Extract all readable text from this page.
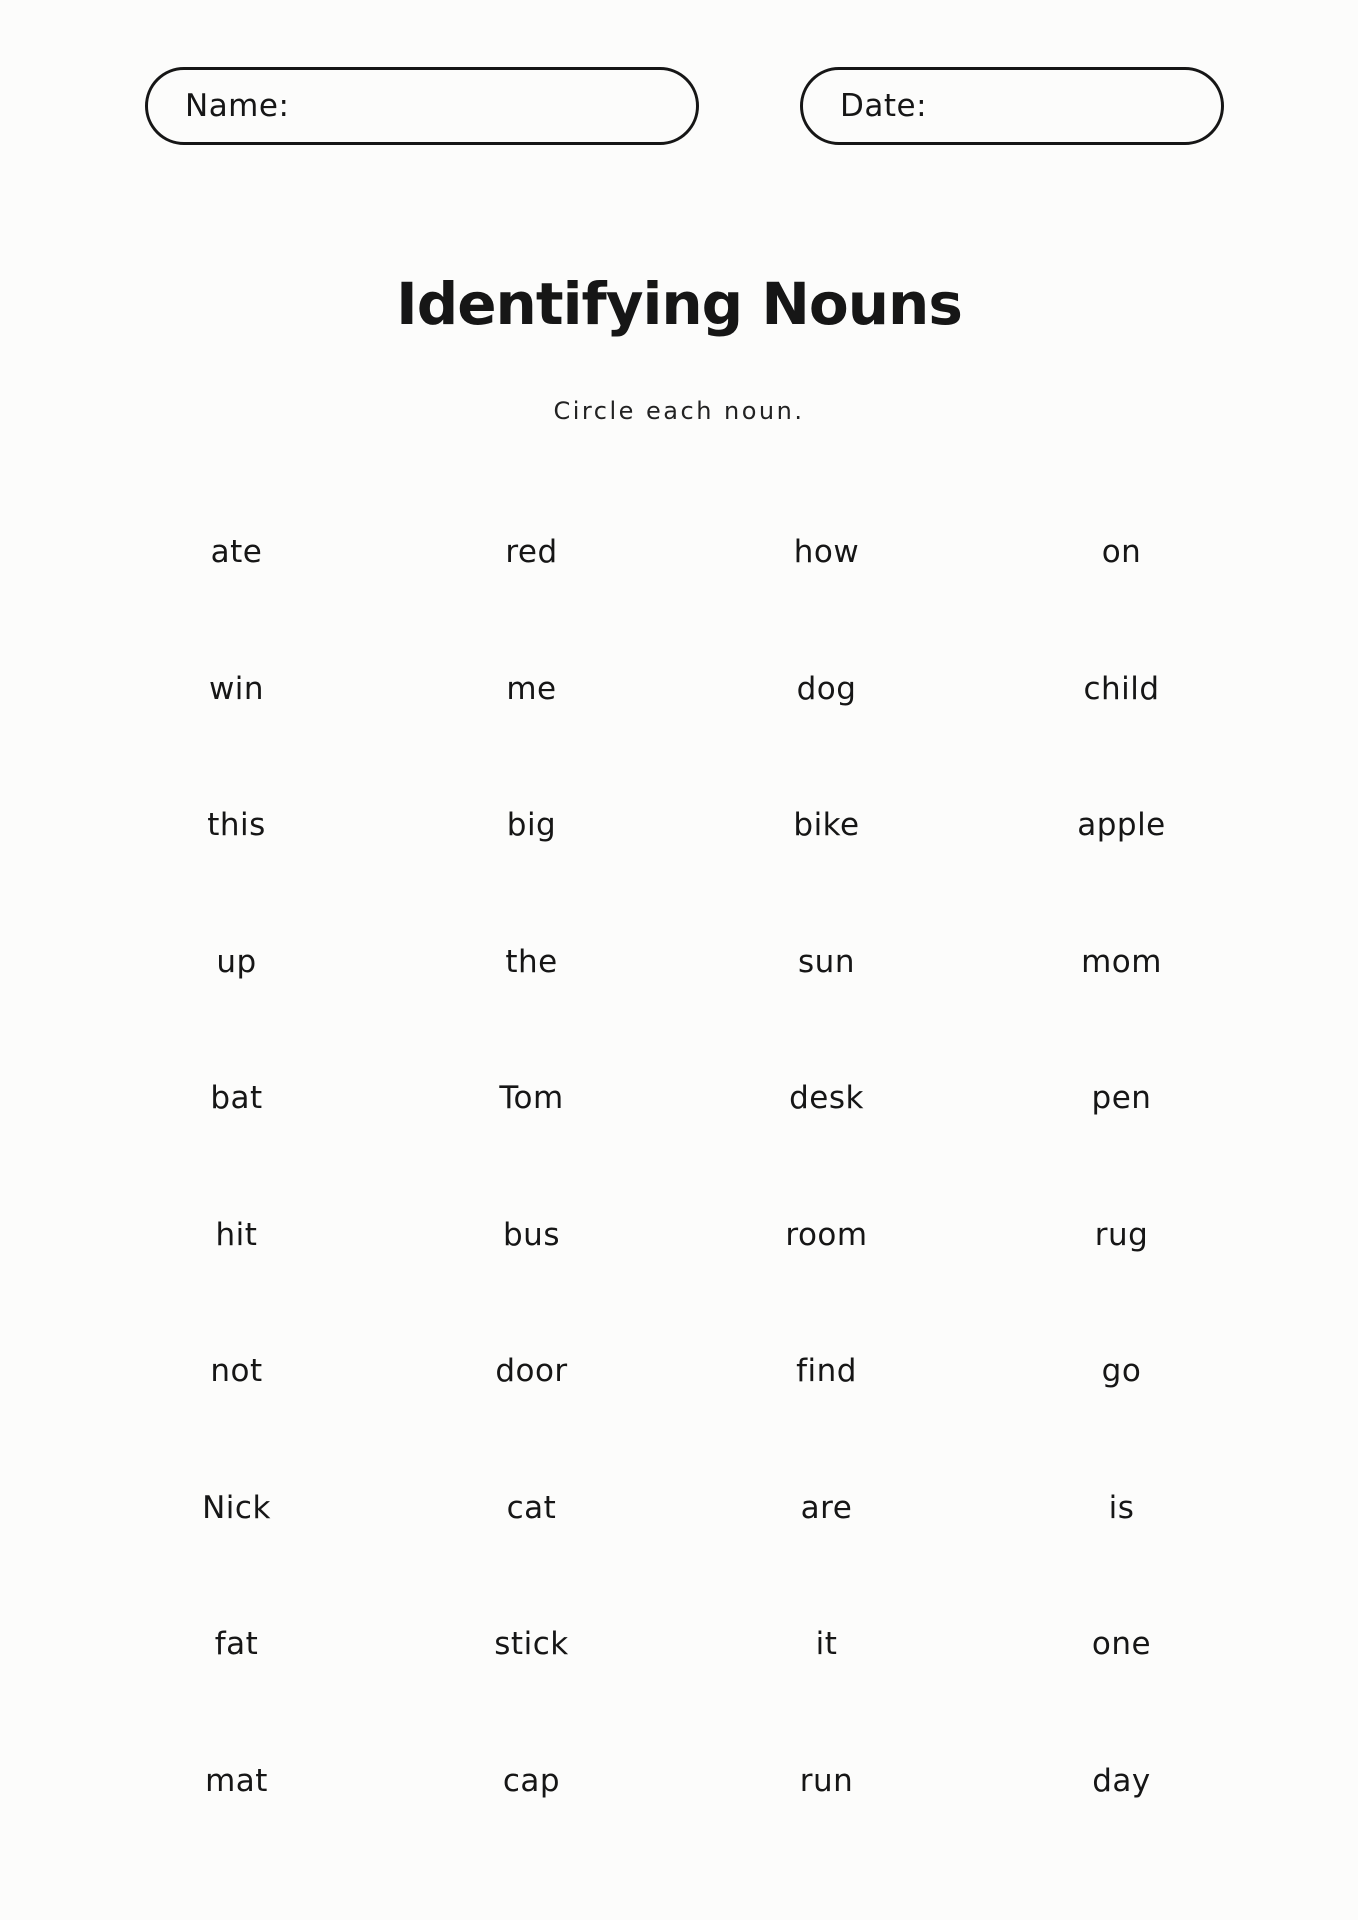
Name:	Date:
Identifying Nouns
Circle each noun.
ate	red	how	on
win	me	dog	child
this	big	bike	apple
up	the	sun	mom
bat	Tom	desk	pen
hit	bus	room	rug
not	door	find	go
Nick	cat	are	is
fat	stick	it	one
mat	cap	run	day
